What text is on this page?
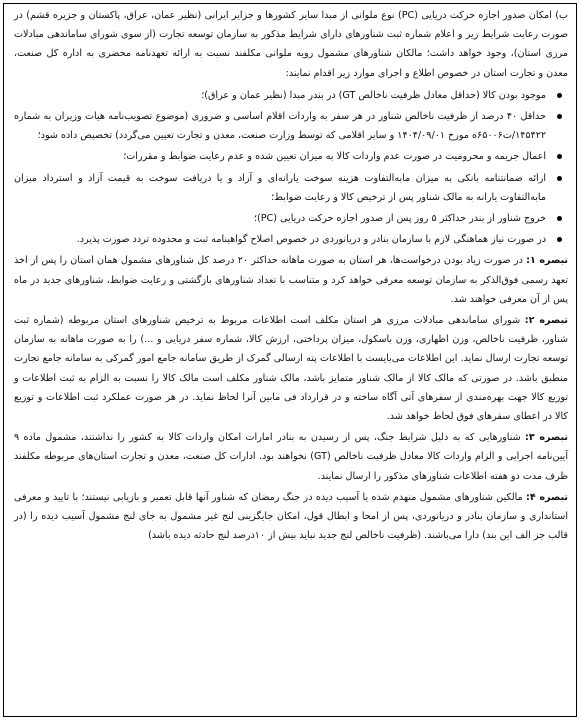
ب) امکان صدور اجازه حرکت دریایی (PC) نوع ملوانی از مبدا سایر کشورها و جزایر ایرانی (نظیر عمان، عراق، پاکستان و جزیره قشم) در صورت رعایت شرایط زیر و اعلام شماره ثبت شناورهای دارای شرایط مذکور به سازمان توسعه تجارت (از سوی شورای ساماندهی مبادلات مرزی استان)، وجود خواهد داشت؛ مالکان شناورهای مشمول رویه ملوانی مکلفند نسبت به ارائه تعهدنامه محضری به اداره کل صنعت، معدن و تجارت استان در خصوص اطلاع و اجرای موارد زیر اقدام نمایند:

موجود بودن کالا (حداقل معادل ظرفیت ناخالص GT) در بندر مبدا (نظیر عمان و عراق)؛
حداقل ۴۰ درصد از ظرفیت ناخالص شناور در هر سفر به واردات اقلام اساسی و ضروری (موضوع تصویب‌نامه هیات وزیران به شماره ۱۴۵۴۲۲/ت۶۵۰۰۶ه مورخ ۱۴۰۴/۰۹/۰۱ و سایر اقلامی که توسط وزارت صنعت، معدن و تجارت تعیین می‌گردد) تخصیص داده شود؛
اعمال جریمه و محرومیت در صورت عدم واردات کالا به میزان تعیین شده و عدم رعایت ضوابط و مقررات؛
ارائه ضمانتنامه بانکی به میزان مابه‌التفاوت هزینه سوخت یارانه‌ای و آزاد و یا دریافت سوخت به قیمت آزاد و استرداد میزان مابه‌التفاوت یارانه به مالک شناور پس از ترخیص کالا و رعایت ضوابط؛
خروج شناور از بندر حداکثر ۵ روز پس از صدور اجازه حرکت دریایی (PC)؛
در صورت نیاز هماهنگی لازم با سازمان بنادر و دریانوردی در خصوص اصلاح گواهینامه ثبت و محدوده تردد صورت پذیرد.

تبصره ۱: در صورت زیاد بودن درخواست‌ها، هر استان به صورت ماهانه حداکثر ۲۰ درصد کل شناورهای مشمول همان استان را پس از اخذ تعهد رسمی فوق‌الذکر به سازمان توسعه معرفی خواهد کرد و متناسب با تعداد شناورهای بازگشتی و رعایت ضوابط، شناورهای جدید در ماه پس از آن معرفی خواهند شد.

تبصره ۲: شورای ساماندهی مبادلات مرزی هر استان مکلف است اطلاعات مربوط به ترخیص شناورهای استان مربوطه (شماره ثبت شناور، ظرفیت ناخالص، وزن اظهاری، وزن باسکول، میزان پرداختی، ارزش کالا، شماره سفر دریایی و ...) را به صورت ماهانه به سازمان توسعه تجارت ارسال نماید. این اطلاعات می‌بایست با اطلاعات پته ارسالی گمرک از طریق سامانه جامع امور گمرکی به سامانه جامع تجارت منطبق باشد. در صورتی که مالک کالا از مالک شناور متمایز باشد، مالک شناور مکلف است مالک کالا را نسبت به الزام به ثبت اطلاعات و توزیع کالا جهت بهره‌مندی از سفرهای آتی آگاه ساخته و در قرارداد فی مابین آنرا لحاظ نماید. در هر صورت عملکرد ثبت اطلاعات و توزیع کالا در اعطای سفرهای فوق لحاظ خواهد شد.

تبصره ۳: شناورهایی که به دلیل شرایط جنگ، پس از رسیدن به بنادر امارات امکان واردات کالا به کشور را نداشتند، مشمول ماده ۹ آیین‌نامه اجرایی و الزام واردات کالا معادل ظرفیت ناخالص (GT) نخواهند بود. ادارات کل صنعت، معدن و تجارت استان‌های مربوطه مکلفند ظرف مدت دو هفته اطلاعات شناورهای مذکور را ارسال نمایند.

تبصره ۴: مالکین شناورهای مشمول منهدم شده یا آسیب دیده در جنگ رمضان که شناور آنها قابل تعمیر و بازیابی نیستند؛ با تایید و معرفی استانداری و سازمان بنادر و دریانوردی، پس از امحا و ابطال قول، امکان جایگزینی لنج غیر مشمول به جای لنج مشمول آسیب دیده را (در قالب جز الف این بند) دارا می‌باشند. (ظرفیت ناخالص لنج جدید نباید بیش از ۱۰درصد لنج حادثه دیده باشد)
